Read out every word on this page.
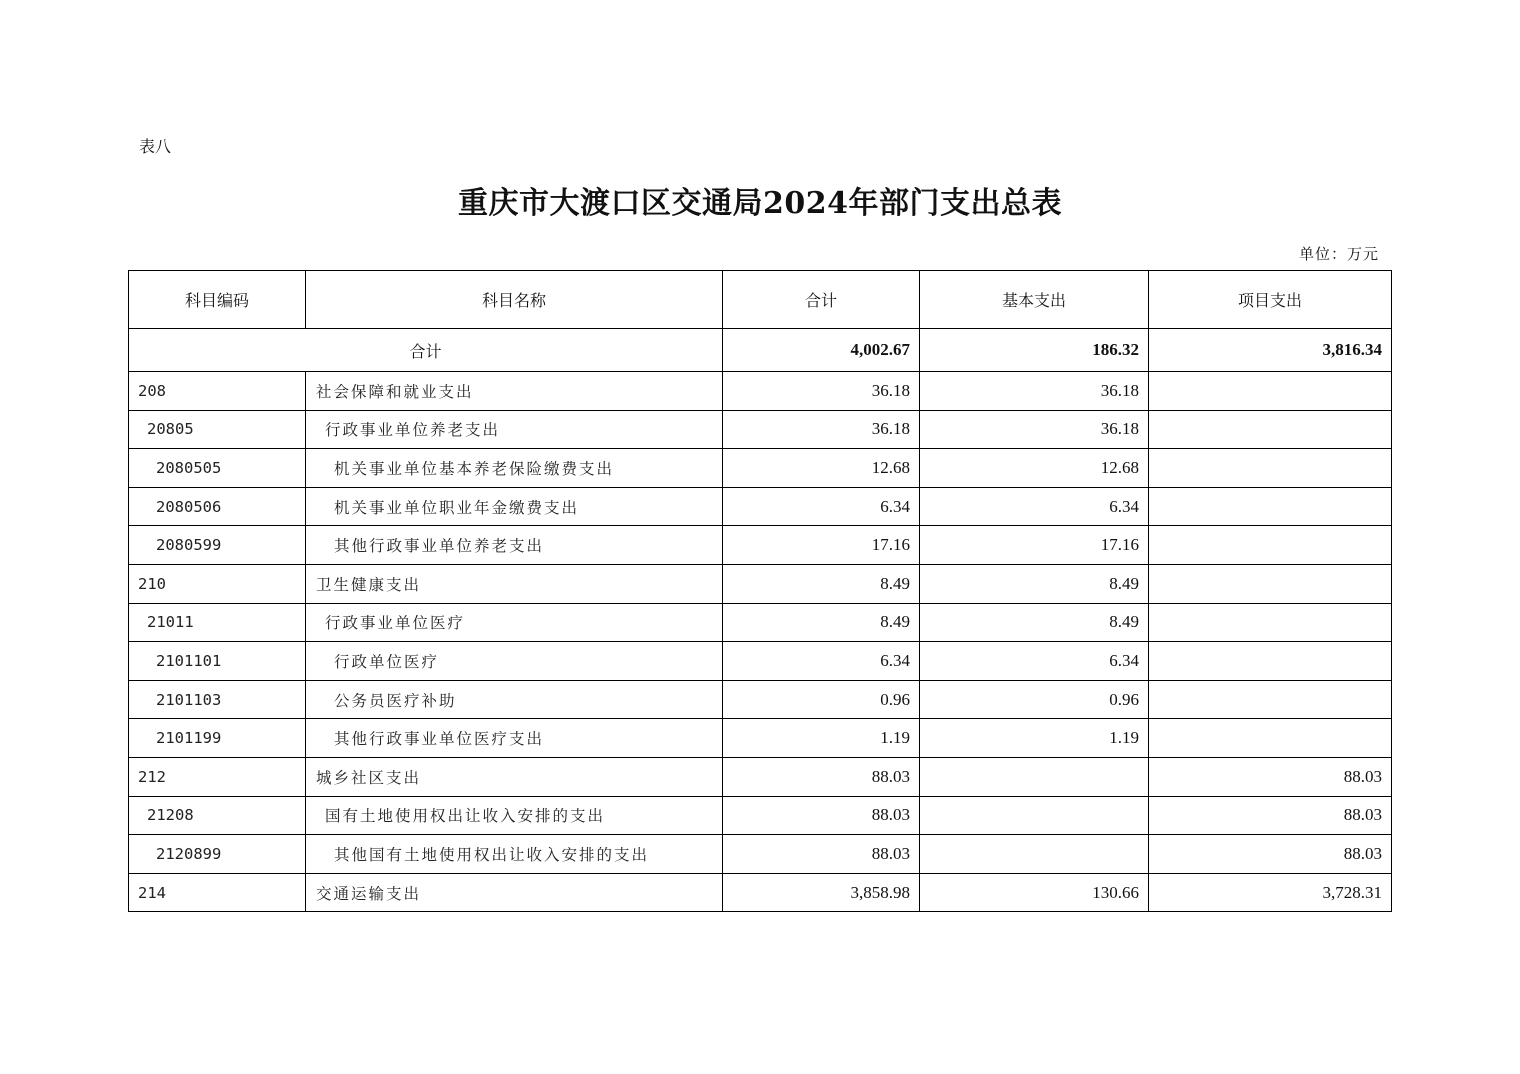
表八
重庆市大渡口区交通局2024年部门支出总表
单位：万元
科目编码	科目名称	合计	基本支出	项目支出
合计		4,002.67	186.32	3,816.34
208	社会保障和就业支出	36.18	36.18	
20805	行政事业单位养老支出	36.18	36.18	
2080505	机关事业单位基本养老保险缴费支出	12.68	12.68	
2080506	机关事业单位职业年金缴费支出	6.34	6.34	
2080599	其他行政事业单位养老支出	17.16	17.16	
210	卫生健康支出	8.49	8.49	
21011	行政事业单位医疗	8.49	8.49	
2101101	行政单位医疗	6.34	6.34	
2101103	公务员医疗补助	0.96	0.96	
2101199	其他行政事业单位医疗支出	1.19	1.19	
212	城乡社区支出	88.03		88.03
21208	国有土地使用权出让收入安排的支出	88.03		88.03
2120899	其他国有土地使用权出让收入安排的支出	88.03		88.03
214	交通运输支出	3,858.98	130.66	3,728.31
